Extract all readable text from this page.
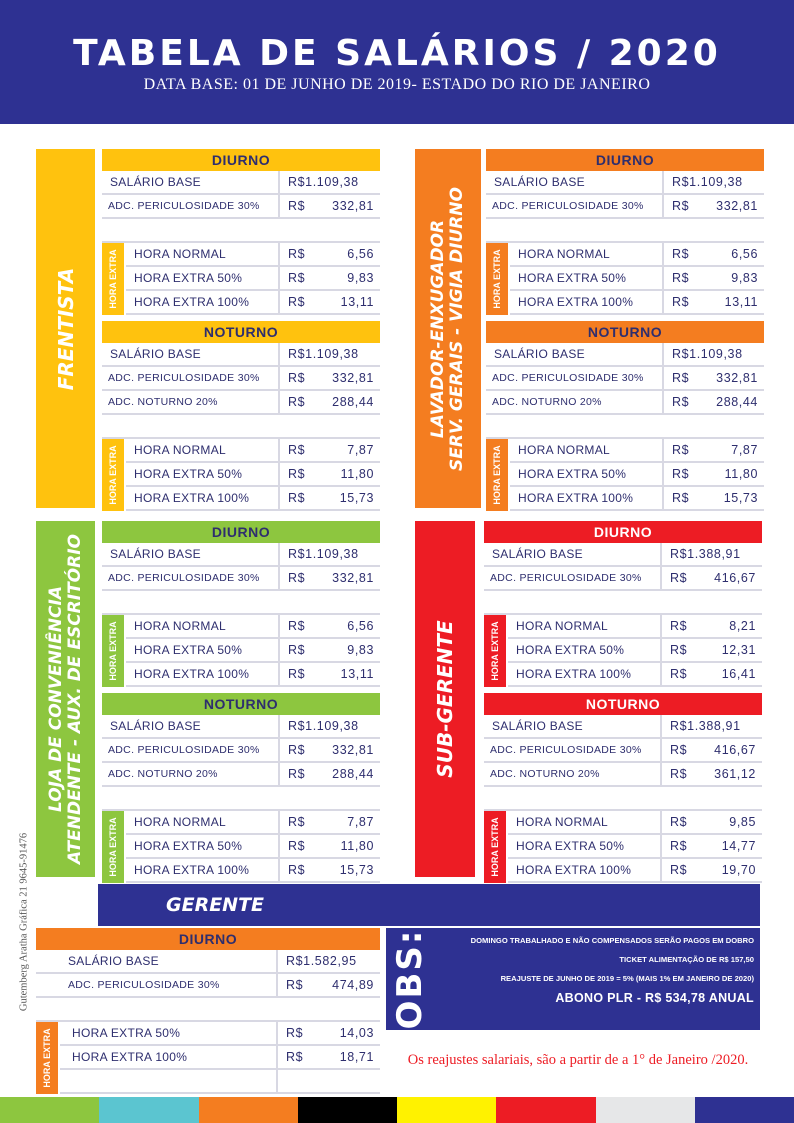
TABELA DE SALÁRIOS / 2020
DATA BASE: 01 DE JUNHO DE 2019- ESTADO DO RIO DE JANEIRO
FRENTISTA	LAVADOR-ENXUGADOR SERV. GERAIS - VIGIA DIURNO
LOJA DE CONVENIÊNCIA ATENDENTE - AUX. DE ESCRITÓRIO	SUB-GERENTE
DIURNO
SALÁRIO BASE	R$1.109,38
ADC. PERICULOSIDADE 30%	R$ 332,81
REMUNERAÇÃO	R$ 1.442,19
HORA EXTRA	HORA NORMAL	R$	6,56
HORA EXTRA 50%	R$	9,83
HORA EXTRA 100%	R$	13,11
NOTURNO
SALÁRIO BASE	R$1.109,38
ADC. PERICULOSIDADE 30%	R$ 332,81
ADC. NOTURNO 20%	R$ 288,44
REMUNERAÇÃO	R$ 1.730,63
HORA EXTRA	HORA NORMAL	R$	7,87
HORA EXTRA 50%	R$	11,80
HORA EXTRA 100%	R$	15,73
DIURNO
SALÁRIO BASE	R$1.109,38
ADC. PERICULOSIDADE 30%	R$ 332,81
REMUNERAÇÃO	R$ 1.442,19
HORA EXTRA	HORA NORMAL	R$	6,56
HORA EXTRA 50%	R$	9,83
HORA EXTRA 100%	R$	13,11
NOTURNO
SALÁRIO BASE	R$1.109,38
ADC. PERICULOSIDADE 30%	R$ 332,81
ADC. NOTURNO 20%	R$ 288,44
REMUNERAÇÃO	R$ 1.730,63
HORA EXTRA	HORA NORMAL	R$	7,87
HORA EXTRA 50%	R$	11,80
HORA EXTRA 100%	R$	15,73
DIURNO
SALÁRIO BASE	R$1.109,38
ADC. PERICULOSIDADE 30%	R$ 332,81
REMUNERAÇÃO	R$ 1.442,19
HORA EXTRA	HORA NORMAL	R$	6,56
HORA EXTRA 50%	R$	9,83
HORA EXTRA 100%	R$	13,11
NOTURNO
SALÁRIO BASE	R$1.109,38
ADC. PERICULOSIDADE 30%	R$ 332,81
ADC. NOTURNO 20%	R$ 288,44
REMUNERAÇÃO	R$ 1.730,63
HORA EXTRA	HORA NORMAL	R$	7,87
HORA EXTRA 50%	R$	11,80
HORA EXTRA 100%	R$	15,73
DIURNO
SALÁRIO BASE	R$1.388,91
ADC. PERICULOSIDADE 30%	R$ 416,67
REMUNERAÇÃO	R$ 1.805,58
HORA EXTRA	HORA NORMAL	R$	8,21
HORA EXTRA 50%	R$	12,31
HORA EXTRA 100%	R$	16,41
NOTURNO
SALÁRIO BASE	R$1.388,91
ADC. PERICULOSIDADE 30%	R$ 416,67
ADC. NOTURNO 20%	R$ 361,12
REMUNERAÇÃO	R$ 2.166,70
HORA EXTRA	HORA NORMAL	R$	9,85
HORA EXTRA 50%	R$	14,77
HORA EXTRA 100%	R$	19,70
GERENTE
DIURNO
SALÁRIO BASE	R$1.582,95
ADC. PERICULOSIDADE 30%	R$ 474,89
REMUNERAÇÃO	R$ 2.057,84
HORA EXTRA	HORA EXTRA 50%	R$	14,03
HORA EXTRA 100%	R$	18,71
OBS:	DOMINGO TRABALHADO E NÃO COMPENSADOS SERÃO PAGOS EM DOBRO

TICKET ALIMENTAÇÃO DE R$ 157,50

REAJUSTE DE JUNHO DE 2019 = 5% (MAIS 1% EM JANEIRO DE 2020)

ABONO PLR - R$ 534,78 ANUAL

Os reajustes salariais, são a partir de a 1° de Janeiro /2020.
Gutemberg Aratha Gráfica 21 9645-91476
